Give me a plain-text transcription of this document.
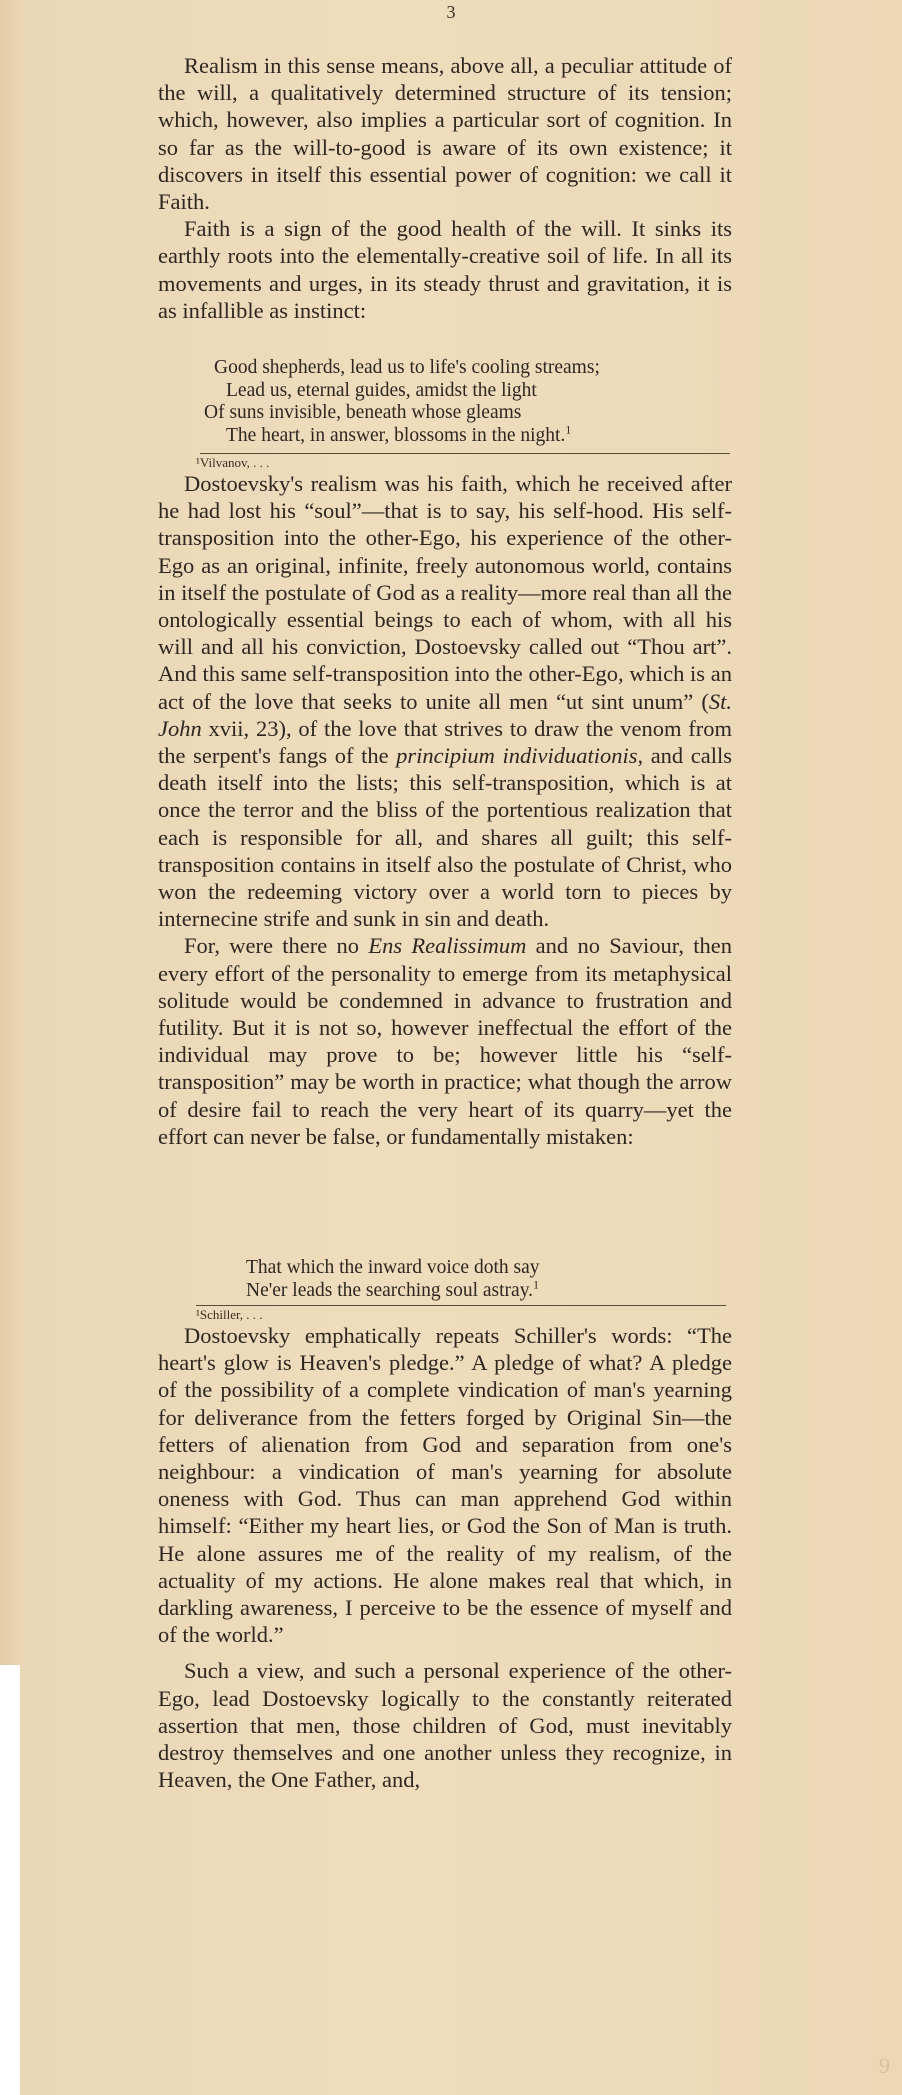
3

Realism in this sense means, above all, a peculiar attitude of the will, a qualitatively determined structure of its tension; which, however, also implies a particular sort of cognition. In so far as the will-to-good is aware of its own existence; it discovers in itself this essential power of cognition: we call it Faith.

Faith is a sign of the good health of the will. It sinks its earthly roots into the elementally-creative soil of life. In all its movements and urges, in its steady thrust and gravitation, it is as infallible as instinct:

Good shepherds, lead us to life's cooling streams;
Lead us, eternal guides, amidst the light
Of suns invisible, beneath whose gleams
The heart, in answer, blossoms in the night.$^1$
¹Vilvanov, . . .

Dostoevsky's realism was his faith, which he received after he had lost his “soul”—that is to say, his self-hood. His self-transposition into the other-Ego, his experience of the other-Ego as an original, infinite, freely autonomous world, contains in itself the postulate of God as a reality—more real than all the ontologically essential beings to each of whom, with all his will and all his conviction, Dostoevsky called out “Thou art”. And this same self-transposition into the other-Ego, which is an act of the love that seeks to unite all men “ut sint unum” (St. John xvii, 23), of the love that strives to draw the venom from the serpent's fangs of the principium individuationis, and calls death itself into the lists; this self-transposition, which is at once the terror and the bliss of the portentious realization that each is responsible for all, and shares all guilt; this self-transposition contains in itself also the postulate of Christ, who won the redeeming victory over a world torn to pieces by internecine strife and sunk in sin and death.

For, were there no Ens Realissimum and no Saviour, then every effort of the personality to emerge from its metaphysical solitude would be condemned in advance to frustration and futility. But it is not so, however ineffectual the effort of the individual may prove to be; however little his “self-transposition” may be worth in practice; what though the arrow of desire fail to reach the very heart of its quarry—yet the effort can never be false, or fundamentally mistaken:

That which the inward voice doth say
Ne'er leads the searching soul astray.$^1$
¹Schiller, . . .

Dostoevsky emphatically repeats Schiller's words: “The heart's glow is Heaven's pledge.” A pledge of what? A pledge of the possibility of a complete vindication of man's yearning for deliverance from the fetters forged by Original Sin—the fetters of alienation from God and separation from one's neighbour: a vindication of man's yearning for absolute oneness with God. Thus can man apprehend God within himself: “Either my heart lies, or God the Son of Man is truth. He alone assures me of the reality of my realism, of the actuality of my actions. He alone makes real that which, in darkling awareness, I perceive to be the essence of myself and of the world.”

Such a view, and such a personal experience of the other-Ego, lead Dostoevsky logically to the constantly reiterated assertion that men, those children of God, must inevitably destroy themselves and one another unless they recognize, in Heaven, the One Father, and,

9
